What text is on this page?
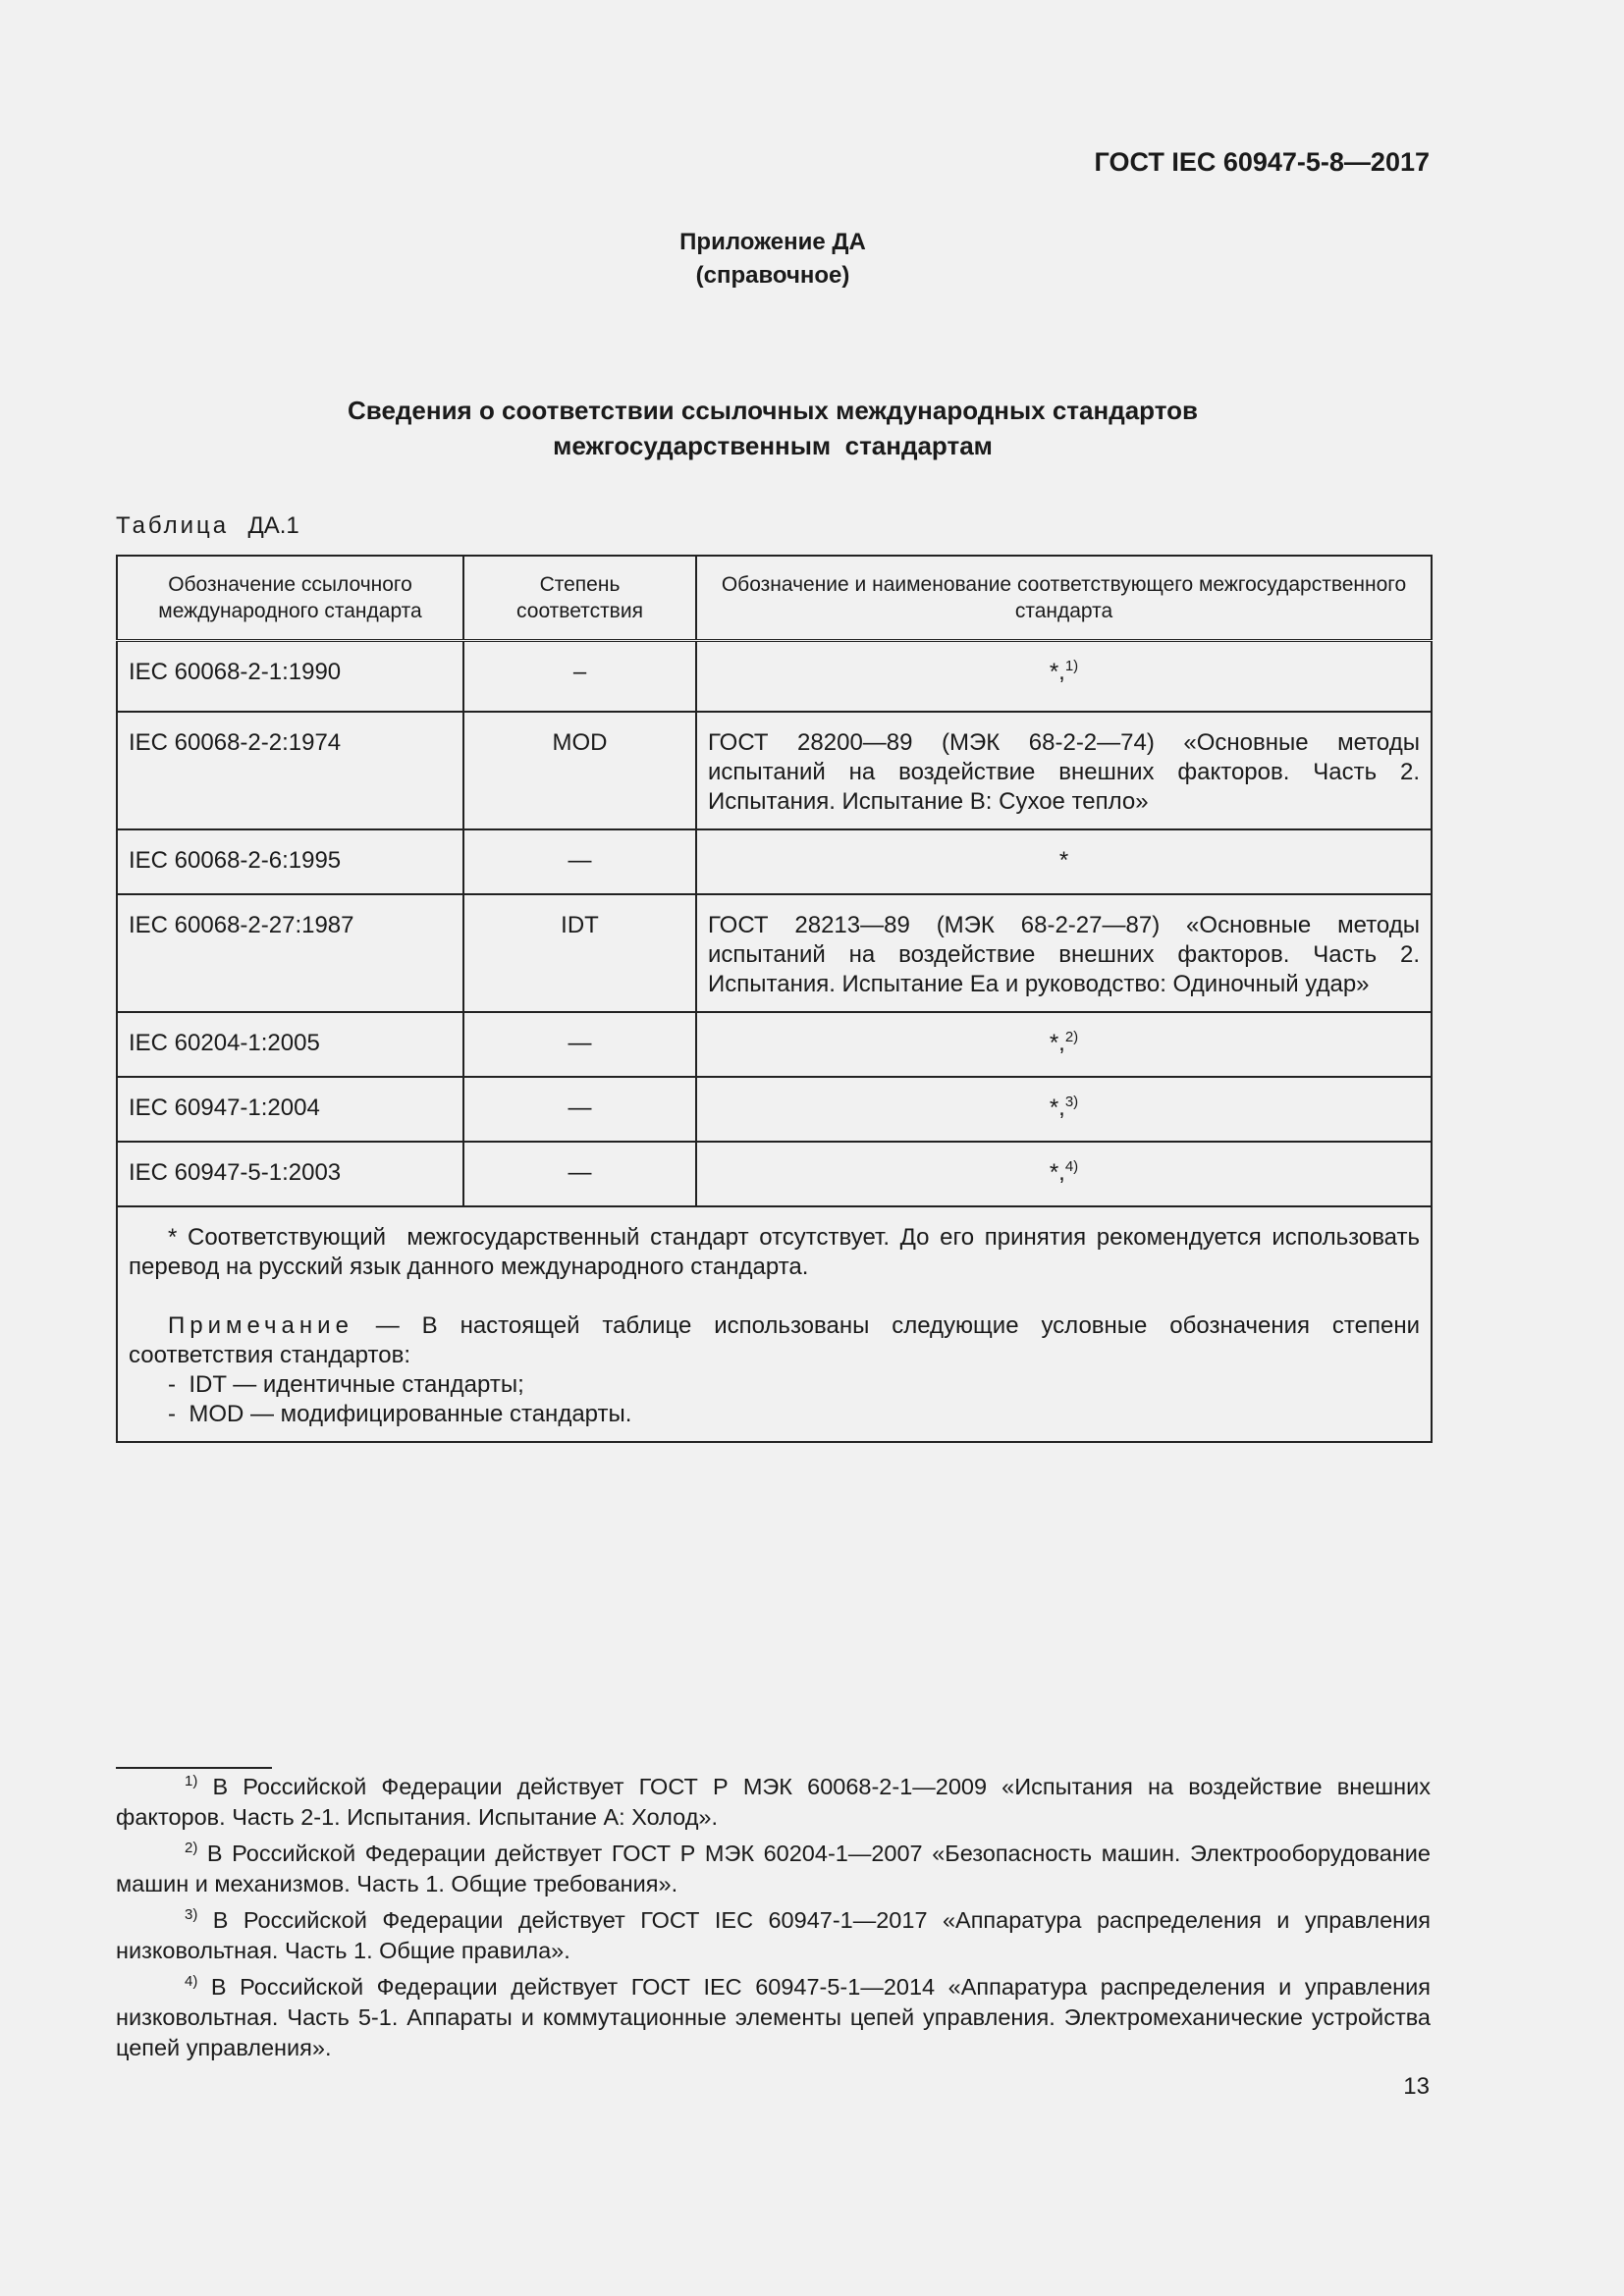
ГОСТ IEC 60947-5-8—2017
Приложение ДА
(справочное)
Сведения о соответствии ссылочных международных стандартов
межгосударственным  стандартам
Таблица ДА.1
Обозначение ссылочного международного стандарта	Степень соответствия	Обозначение и наименование соответствующего межгосударственного стандарта
IEC 60068-2-1:1990	–	*,$^{1)}$
IEC 60068-2-2:1974	MOD	ГОСТ 28200—89 (МЭК 68-2-2—74) «Основные методы испытаний на воздействие внешних факторов. Часть 2. Испытания. Испытание В: Сухое тепло»
IEC 60068-2-6:1995	—	*
IEC 60068-2-27:1987	IDT	ГОСТ 28213—89 (МЭК 68-2-27—87) «Основные методы испытаний на воздействие внешних факторов. Часть 2. Испытания. Испытание Еа и руководство: Одиночный удар»
IEC 60204-1:2005	—	*,$^{2)}$
IEC 60947-1:2004	—	*,$^{3)}$
IEC 60947-5-1:2003	—	*,$^{4)}$

* Соответствующий  межгосударственный стандарт отсутствует. До его принятия рекомендуется использовать перевод на русский язык данного международного стандарта.

Примечание — В настоящей таблице использованы следующие условные обозначения степени соответствия стандартов:

-  IDT — идентичные стандарты;

-  MOD — модифицированные стандарты.		

$^{1)}$ В Российской Федерации действует ГОСТ Р МЭК 60068-2-1—2009 «Испытания на воздействие внешних факторов. Часть 2-1. Испытания. Испытание А: Холод».

$^{2)}$ В Российской Федерации действует ГОСТ Р МЭК 60204-1—2007 «Безопасность машин. Электрооборудование машин и механизмов. Часть 1. Общие требования».

$^{3)}$ В Российской Федерации действует ГОСТ IEC 60947-1—2017 «Аппаратура распределения и управления низковольтная. Часть 1. Общие правила».

$^{4)}$ В Российской Федерации действует ГОСТ IEC 60947-5-1—2014 «Аппаратура распределения и управления низковольтная. Часть 5-1. Аппараты и коммутационные элементы цепей управления. Электромеханические устройства цепей управления».

13
